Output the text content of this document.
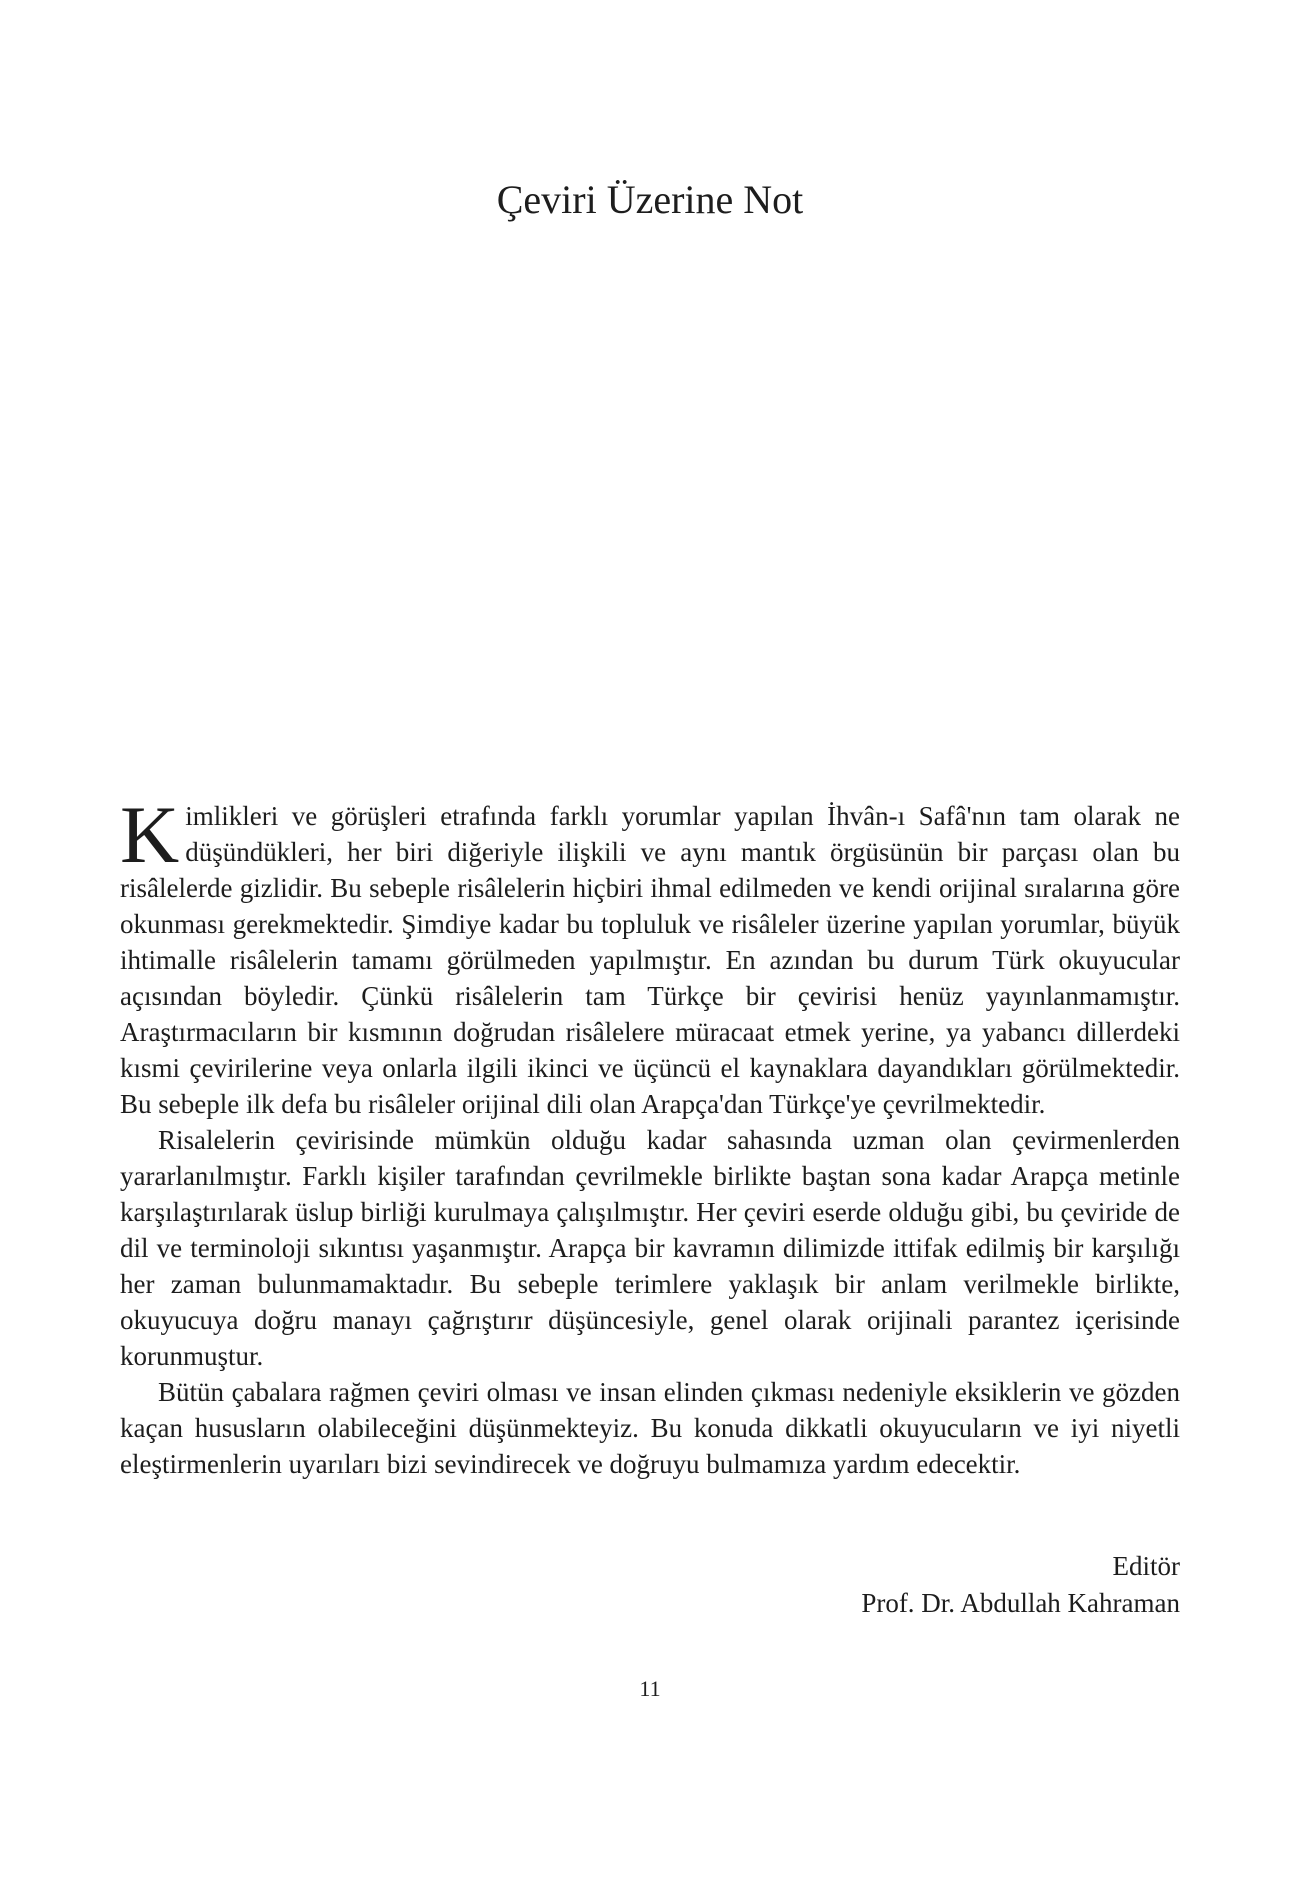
Çeviri Üzerine Not

Kimlikleri ve görüşleri etrafında farklı yorumlar yapılan İhvân-ı Safâ'nın tam olarak ne düşündükleri, her biri diğeriyle ilişkili ve aynı mantık örgüsünün bir parçası olan bu risâlelerde gizlidir. Bu sebeple risâlelerin hiçbiri ihmal edilmeden ve kendi orijinal sıralarına göre okunması gerekmektedir. Şimdiye kadar bu topluluk ve risâleler üzerine yapılan yorumlar, büyük ihtimalle risâlelerin tamamı görülmeden yapılmıştır. En azından bu durum Türk okuyucular açısından böyledir. Çünkü risâlelerin tam Türkçe bir çevirisi henüz yayınlanmamıştır. Araştırmacıların bir kısmının doğrudan risâlelere müracaat etmek yerine, ya yabancı dillerdeki kısmi çevirilerine veya onlarla ilgili ikinci ve üçüncü el kaynaklara dayandıkları görülmektedir. Bu sebeple ilk defa bu risâleler orijinal dili olan Arapça'dan Türkçe'ye çevrilmektedir.

Risalelerin çevirisinde mümkün olduğu kadar sahasında uzman olan çevirmenlerden yararlanılmıştır. Farklı kişiler tarafından çevrilmekle birlikte baştan sona kadar Arapça metinle karşılaştırılarak üslup birliği kurulmaya çalışılmıştır. Her çeviri eserde olduğu gibi, bu çeviride de dil ve terminoloji sıkıntısı yaşanmıştır. Arapça bir kavramın dilimizde ittifak edilmiş bir karşılığı her zaman bulunmamaktadır. Bu sebeple terimlere yaklaşık bir anlam verilmekle birlikte, okuyucuya doğru manayı çağrıştırır düşüncesiyle, genel olarak orijinali parantez içerisinde korunmuştur.

Bütün çabalara rağmen çeviri olması ve insan elinden çıkması nedeniyle eksiklerin ve gözden kaçan hususların olabileceğini düşünmekteyiz. Bu konuda dikkatli okuyucuların ve iyi niyetli eleştirmenlerin uyarıları bizi sevindirecek ve doğruyu bulmamıza yardım edecektir.

Editör
Prof. Dr. Abdullah Kahraman
11
